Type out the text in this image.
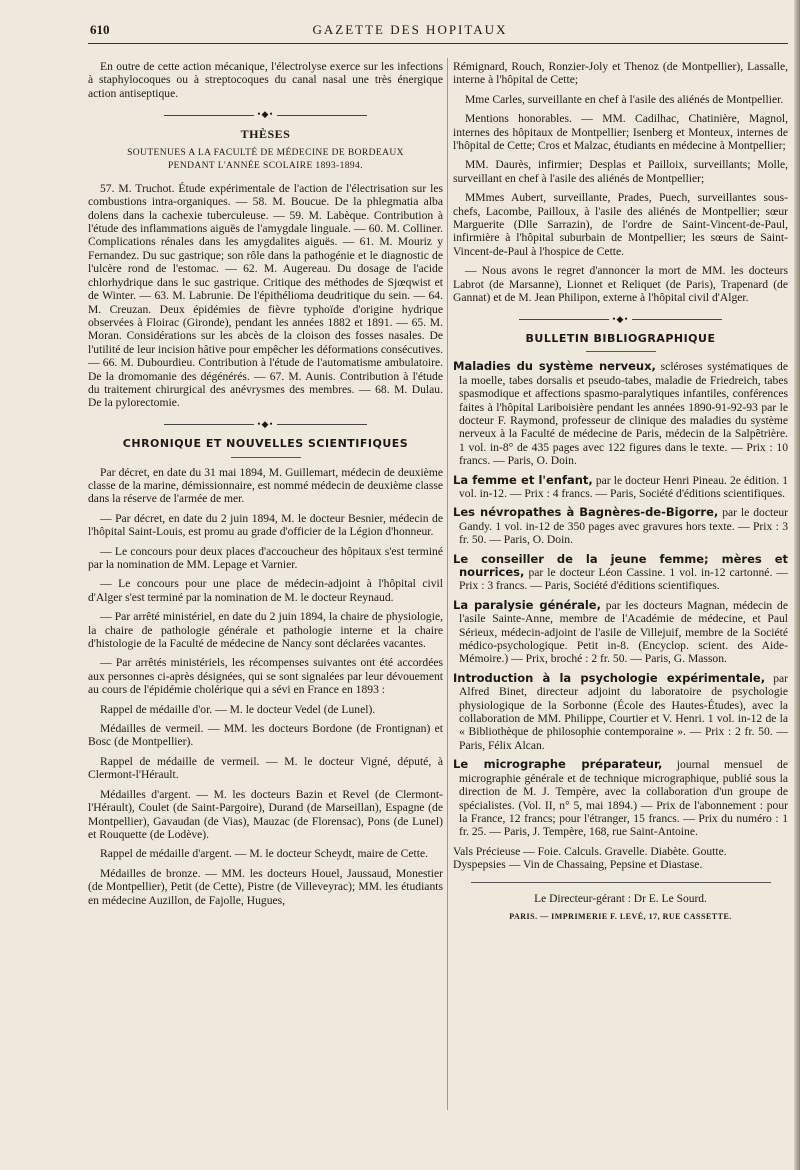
610	GAZETTE DES HOPITAUX

En outre de cette action mécanique, l'électrolyse exerce sur les infections à staphylocoques ou à streptocoques du canal nasal une très énergique action antiseptique.

•◆•
THÈSES
SOUTENUES A LA FACULTÉ DE MÉDECINE DE BORDEAUX
PENDANT L'ANNÉE SCOLAIRE 1893-1894.

57. M. Truchot. Étude expérimentale de l'action de l'électrisation sur les combustions intra-organiques. — 58. M. Boucue. De la phlegmatia alba dolens dans la cachexie tuberculeuse. — 59. M. Labèque. Contribution à l'étude des inflammations aiguës de l'amygdale linguale. — 60. M. Colliner. Complications rénales dans les amygdalites aiguës. — 61. M. Mouriz y Fernandez. Du suc gastrique; son rôle dans la pathogénie et le diagnostic de l'ulcère rond de l'estomac. — 62. M. Augereau. Du dosage de l'acide chlorhydrique dans le suc gastrique. Critique des méthodes de Sjœqwist et de Winter. — 63. M. Labrunie. De l'épithélioma deudritique du sein. — 64. M. Creuzan. Deux épidémies de fièvre typhoïde d'origine hydrique observées à Floirac (Gironde), pendant les années 1882 et 1891. — 65. M. Moran. Considérations sur les abcès de la cloison des fosses nasales. De l'utilité de leur incision hâtive pour empêcher les déformations consécutives. — 66. M. Dubourdieu. Contribution à l'étude de l'automatisme ambulatoire. De la dromomanie des dégénérés. — 67. M. Aunis. Contribution à l'étude du traitement chirurgical des anévrysmes des membres. — 68. M. Dulau. De la pylorectomie.

•◆•
CHRONIQUE ET NOUVELLES SCIENTIFIQUES

Par décret, en date du 31 mai 1894, M. Guillemart, médecin de deuxième classe de la marine, démissionnaire, est nommé médecin de deuxième classe dans la réserve de l'armée de mer.

— Par décret, en date du 2 juin 1894, M. le docteur Besnier, médecin de l'hôpital Saint-Louis, est promu au grade d'officier de la Légion d'honneur.

— Le concours pour deux places d'accoucheur des hôpitaux s'est terminé par la nomination de MM. Lepage et Varnier.

— Le concours pour une place de médecin-adjoint à l'hôpital civil d'Alger s'est terminé par la nomination de M. le docteur Reynaud.

— Par arrêté ministériel, en date du 2 juin 1894, la chaire de physiologie, la chaire de pathologie générale et pathologie interne et la chaire d'histologie de la Faculté de médecine de Nancy sont déclarées vacantes.

— Par arrêtés ministériels, les récompenses suivantes ont été accordées aux personnes ci-après désignées, qui se sont signalées par leur dévouement au cours de l'épidémie cholérique qui a sévi en France en 1893 :

Rappel de médaille d'or. — M. le docteur Vedel (de Lunel).

Médailles de vermeil. — MM. les docteurs Bordone (de Frontignan) et Bosc (de Montpellier).

Rappel de médaille de vermeil. — M. le docteur Vigné, député, à Clermont-l'Hérault.

Médailles d'argent. — M. les docteurs Bazin et Revel (de Clermont-l'Hérault), Coulet (de Saint-Pargoire), Durand (de Marseillan), Espagne (de Montpellier), Gavaudan (de Vias), Mauzac (de Florensac), Pons (de Lunel) et Rouquette (de Lodève).

Rappel de médaille d'argent. — M. le docteur Scheydt, maire de Cette.

Médailles de bronze. — MM. les docteurs Houel, Jaussaud, Monestier (de Montpellier), Petit (de Cette), Pistre (de Villeveyrac); MM. les étudiants en médecine Auzillon, de Fajolle, Hugues,

Rémignard, Rouch, Ronzier-Joly et Thenoz (de Montpellier), Lassalle, interne à l'hôpital de Cette;

Mme Carles, surveillante en chef à l'asile des aliénés de Montpellier.

Mentions honorables. — MM. Cadilhac, Chatinière, Magnol, internes des hôpitaux de Montpellier; Isenberg et Monteux, internes de l'hôpital de Cette; Cros et Malzac, étudiants en médecine à Montpellier;

MM. Daurès, infirmier; Desplas et Pailloix, surveillants; Molle, surveillant en chef à l'asile des aliénés de Montpellier;

MMmes Aubert, surveillante, Prades, Puech, surveillantes sous-chefs, Lacombe, Pailloux, à l'asile des aliénés de Montpellier; sœur Marguerite (Dlle Sarrazin), de l'ordre de Saint-Vincent-de-Paul, infirmière à l'hôpital suburbain de Montpellier; les sœurs de Saint-Vincent-de-Paul à l'hospice de Cette.

— Nous avons le regret d'annoncer la mort de MM. les docteurs Labrot (de Marsanne), Lionnet et Reliquet (de Paris), Trapenard (de Gannat) et de M. Jean Philipon, externe à l'hôpital civil d'Alger.

•◆•
BULLETIN BIBLIOGRAPHIQUE
Maladies du système nerveux, scléroses systématiques de la moelle, tabes dorsalis et pseudo-tabes, maladie de Friedreich, tabes spasmodique et affections spasmo-paralytiques infantiles, conférences faites à l'hôpital Lariboisière pendant les années 1890-91-92-93 par le docteur F. Raymond, professeur de clinique des maladies du système nerveux à la Faculté de médecine de Paris, médecin de la Salpêtrière. 1 vol. in-8° de 435 pages avec 122 figures dans le texte. — Prix : 10 francs. — Paris, O. Doin.
La femme et l'enfant, par le docteur Henri Pineau. 2e édition. 1 vol. in-12. — Prix : 4 francs. — Paris, Société d'éditions scientifiques.
Les névropathes à Bagnères-de-Bigorre, par le docteur Gandy. 1 vol. in-12 de 350 pages avec gravures hors texte. — Prix : 3 fr. 50. — Paris, O. Doin.
Le conseiller de la jeune femme; mères et nourrices, par le docteur Léon Cassine. 1 vol. in-12 cartonné. — Prix : 3 francs. — Paris, Société d'éditions scientifiques.
La paralysie générale, par les docteurs Magnan, médecin de l'asile Sainte-Anne, membre de l'Académie de médecine, et Paul Sérieux, médecin-adjoint de l'asile de Villejuif, membre de la Société médico-psychologique. Petit in-8. (Encyclop. scient. des Aide-Mémoire.) — Prix, broché : 2 fr. 50. — Paris, G. Masson.
Introduction à la psychologie expérimentale, par Alfred Binet, directeur adjoint du laboratoire de psychologie physiologique de la Sorbonne (École des Hautes-Études), avec la collaboration de MM. Philippe, Courtier et V. Henri. 1 vol. in-12 de la « Bibliothèque de philosophie contemporaine ». — Prix : 2 fr. 50. — Paris, Félix Alcan.
Le micrographe préparateur, journal mensuel de micrographie générale et de technique micrographique, publié sous la direction de M. J. Tempère, avec la collaboration d'un groupe de spécialistes. (Vol. II, n° 5, mai 1894.) — Prix de l'abonnement : pour la France, 12 francs; pour l'étranger, 15 francs. — Prix du numéro : 1 fr. 25. — Paris, J. Tempère, 168, rue Saint-Antoine.
Vals Précieuse — Foie. Calculs. Gravelle. Diabète. Goutte.
Dyspepsies — Vin de Chassaing, Pepsine et Diastase.
Le Directeur-gérant : Dr E. Le Sourd.
PARIS. — IMPRIMERIE F. LEVÉ, 17, RUE CASSETTE.
